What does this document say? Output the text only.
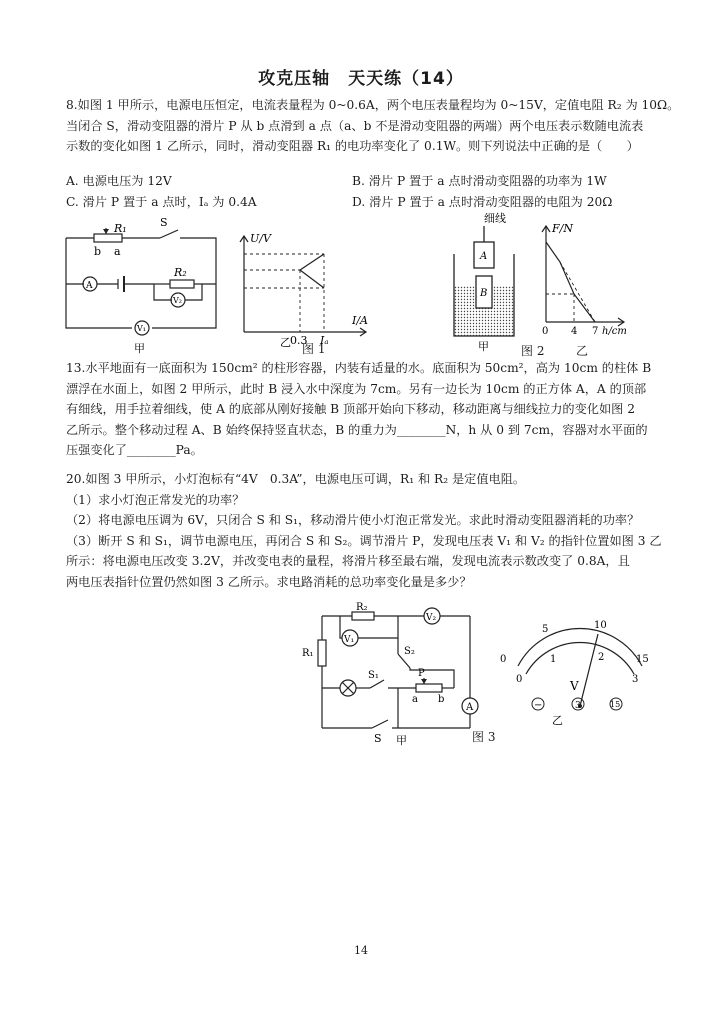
攻克压轴　天天练（14）
8.如图 1 甲所示，电源电压恒定，电流表量程为 0~0.6A，两个电压表量程均为 0~15V，定值电阻 R₂ 为 10Ω。
当闭合 S，滑动变阻器的滑片 P 从 b 点滑到 a 点（a、b 不是滑动变阻器的两端）两个电压表示数随电流表
示数的变化如图 1 乙所示，同时，滑动变阻器 R₁ 的电功率变化了 0.1W。则下列说法中正确的是（　　）
A. 电源电压为 12V	B. 滑片 P 置于 a 点时滑动变阻器的功率为 1W
C. 滑片 P 置于 a 点时，Iₐ 为 0.4A	D. 滑片 P 置于 a 点时滑动变阻器的电阻为 20Ω
R₁	S
b a
R₂
A
V₂
V₁
甲
U/V
I/A
0.3 Iₐ
乙 图 1
细线
A
B
甲
F/N
0 4 7 h/cm
图 2	乙
13.水平地面有一底面积为 150cm² 的柱形容器，内装有适量的水。底面积为 50cm²，高为 10cm 的柱体 B
漂浮在水面上，如图 2 甲所示，此时 B 浸入水中深度为 7cm。另有一边长为 10cm 的正方体 A，A 的顶部
有细线，用手拉着细线，使 A 的底部从刚好接触 B 顶部开始向下移动，移动距离与细线拉力的变化如图 2
乙所示。整个移动过程 A、B 始终保持竖直状态，B 的重力为________N，h 从 0 到 7cm，容器对水平面的
压强变化了________Pa。
20.如图 3 甲所示，小灯泡标有“4V　0.3A”，电源电压可调，R₁ 和 R₂ 是定值电阻。
（1）求小灯泡正常发光的功率？
（2）将电源电压调为 6V，只闭合 S 和 S₁，移动滑片使小灯泡正常发光。求此时滑动变阻器消耗的功率？
（3）断开 S 和 S₁，调节电源电压，再闭合 S 和 S₂。调节滑片 P，发现电压表 V₁ 和 V₂ 的指针位置如图 3 乙
所示：将电源电压改变 3.2V，并改变电表的量程，将滑片移至最右端，发现电流表示数改变了 0.8A，且
两电压表指针位置仍然如图 3 乙所示。求电路消耗的总功率变化量是多少？
R₂
V₂
V₁
R₁	S₂
S₁	P
a b
A
S 甲	图 3
0
5	10
15
0
1	2
3
V
−	3	15
乙
14
